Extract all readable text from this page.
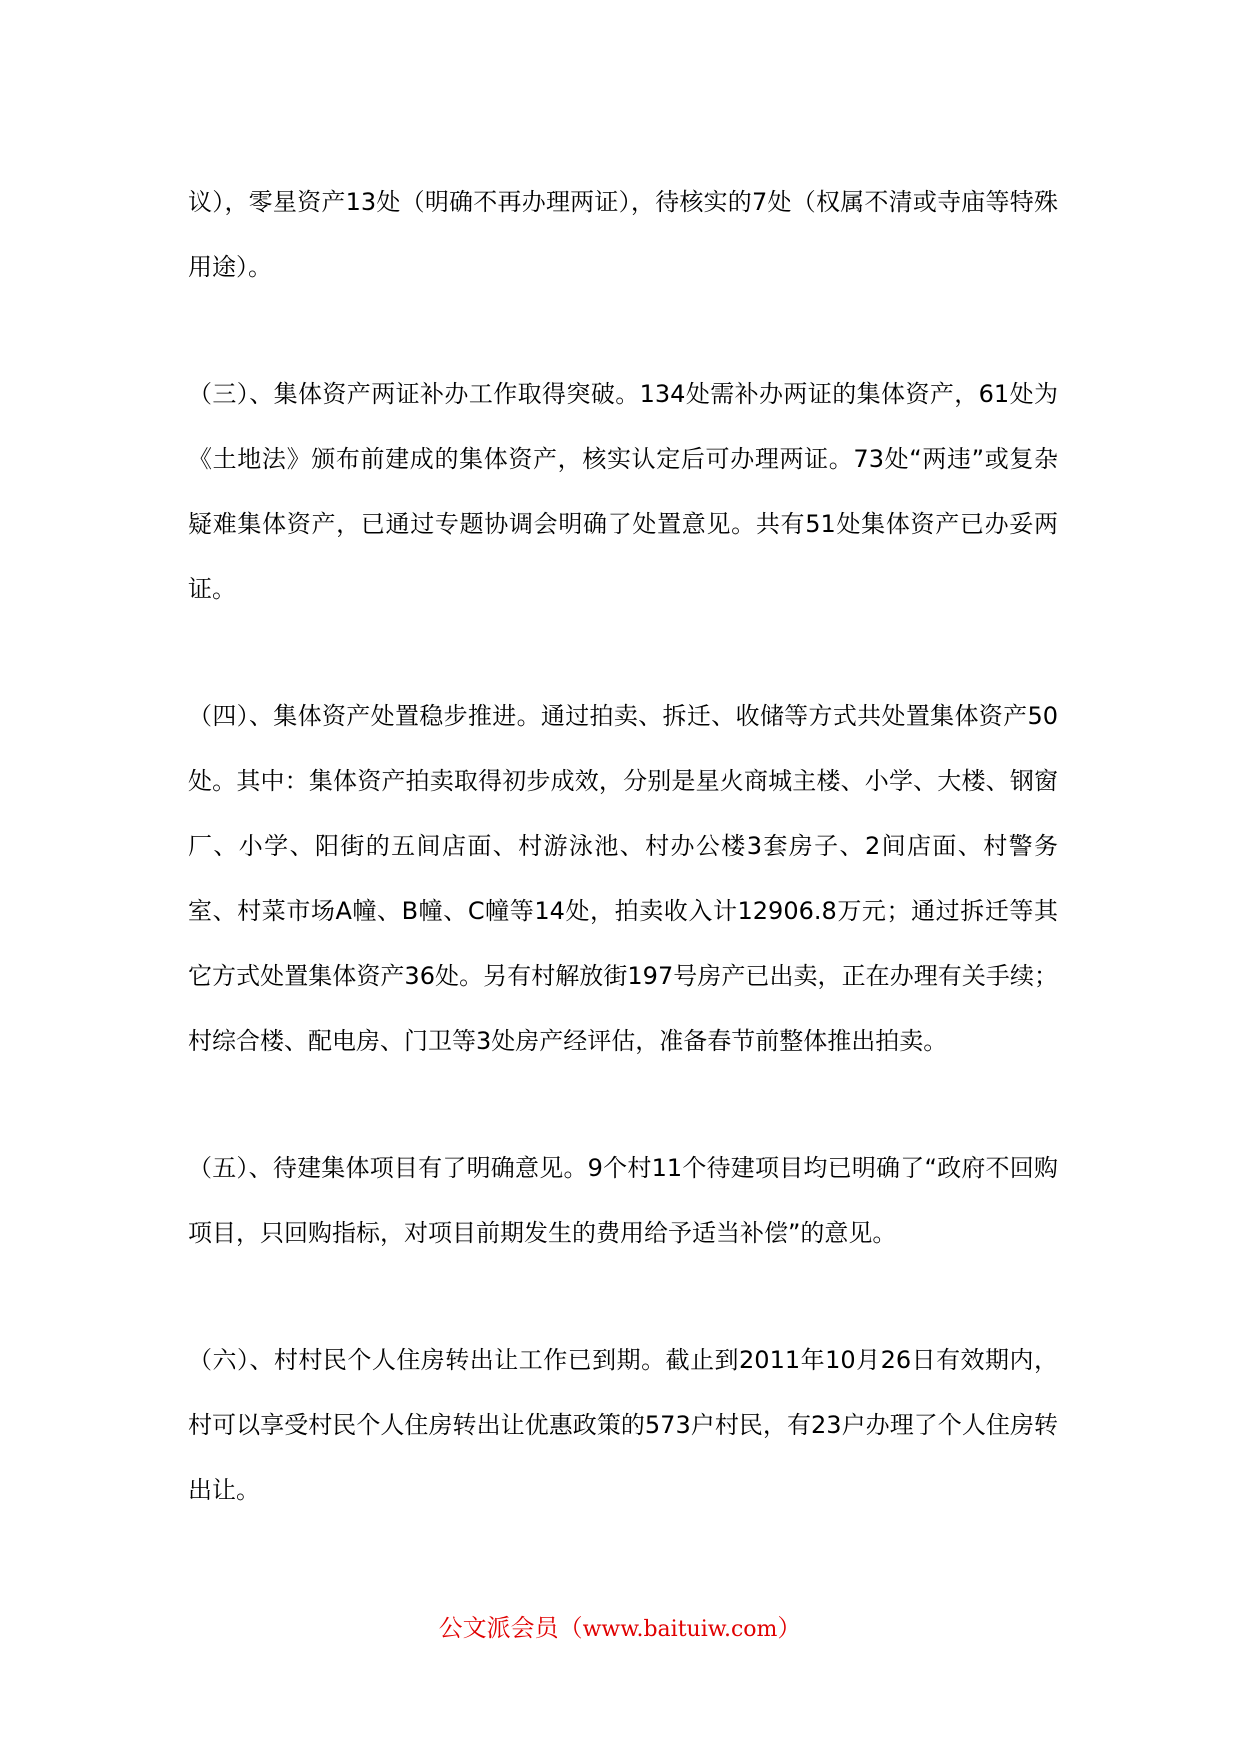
议），零星资产13处（明确不再办理两证），待核实的7处（权属不清或寺庙等特殊用途）。

（三）、集体资产两证补办工作取得突破。134处需补办两证的集体资产，61处为《土地法》颁布前建成的集体资产，核实认定后可办理两证。73处“两违”或复杂疑难集体资产，已通过专题协调会明确了处置意见。共有51处集体资产已办妥两证。

（四）、集体资产处置稳步推进。通过拍卖、拆迁、收储等方式共处置集体资产50处。其中：集体资产拍卖取得初步成效，分别是星火商城主楼、小学、大楼、钢窗厂、小学、阳街的五间店面、村游泳池、村办公楼3套房子、2间店面、村警务室、村菜市场A幢、B幢、C幢等14处，拍卖收入计12906.8万元；通过拆迁等其它方式处置集体资产36处。另有村解放街197号房产已出卖，正在办理有关手续；村综合楼、配电房、门卫等3处房产经评估，准备春节前整体推出拍卖。

（五）、待建集体项目有了明确意见。9个村11个待建项目均已明确了“政府不回购项目，只回购指标，对项目前期发生的费用给予适当补偿”的意见。

（六）、村村民个人住房转出让工作已到期。截止到2011年10月26日有效期内，村可以享受村民个人住房转出让优惠政策的573户村民，有23户办理了个人住房转出让。

公文派会员（www.baituiw.com）
